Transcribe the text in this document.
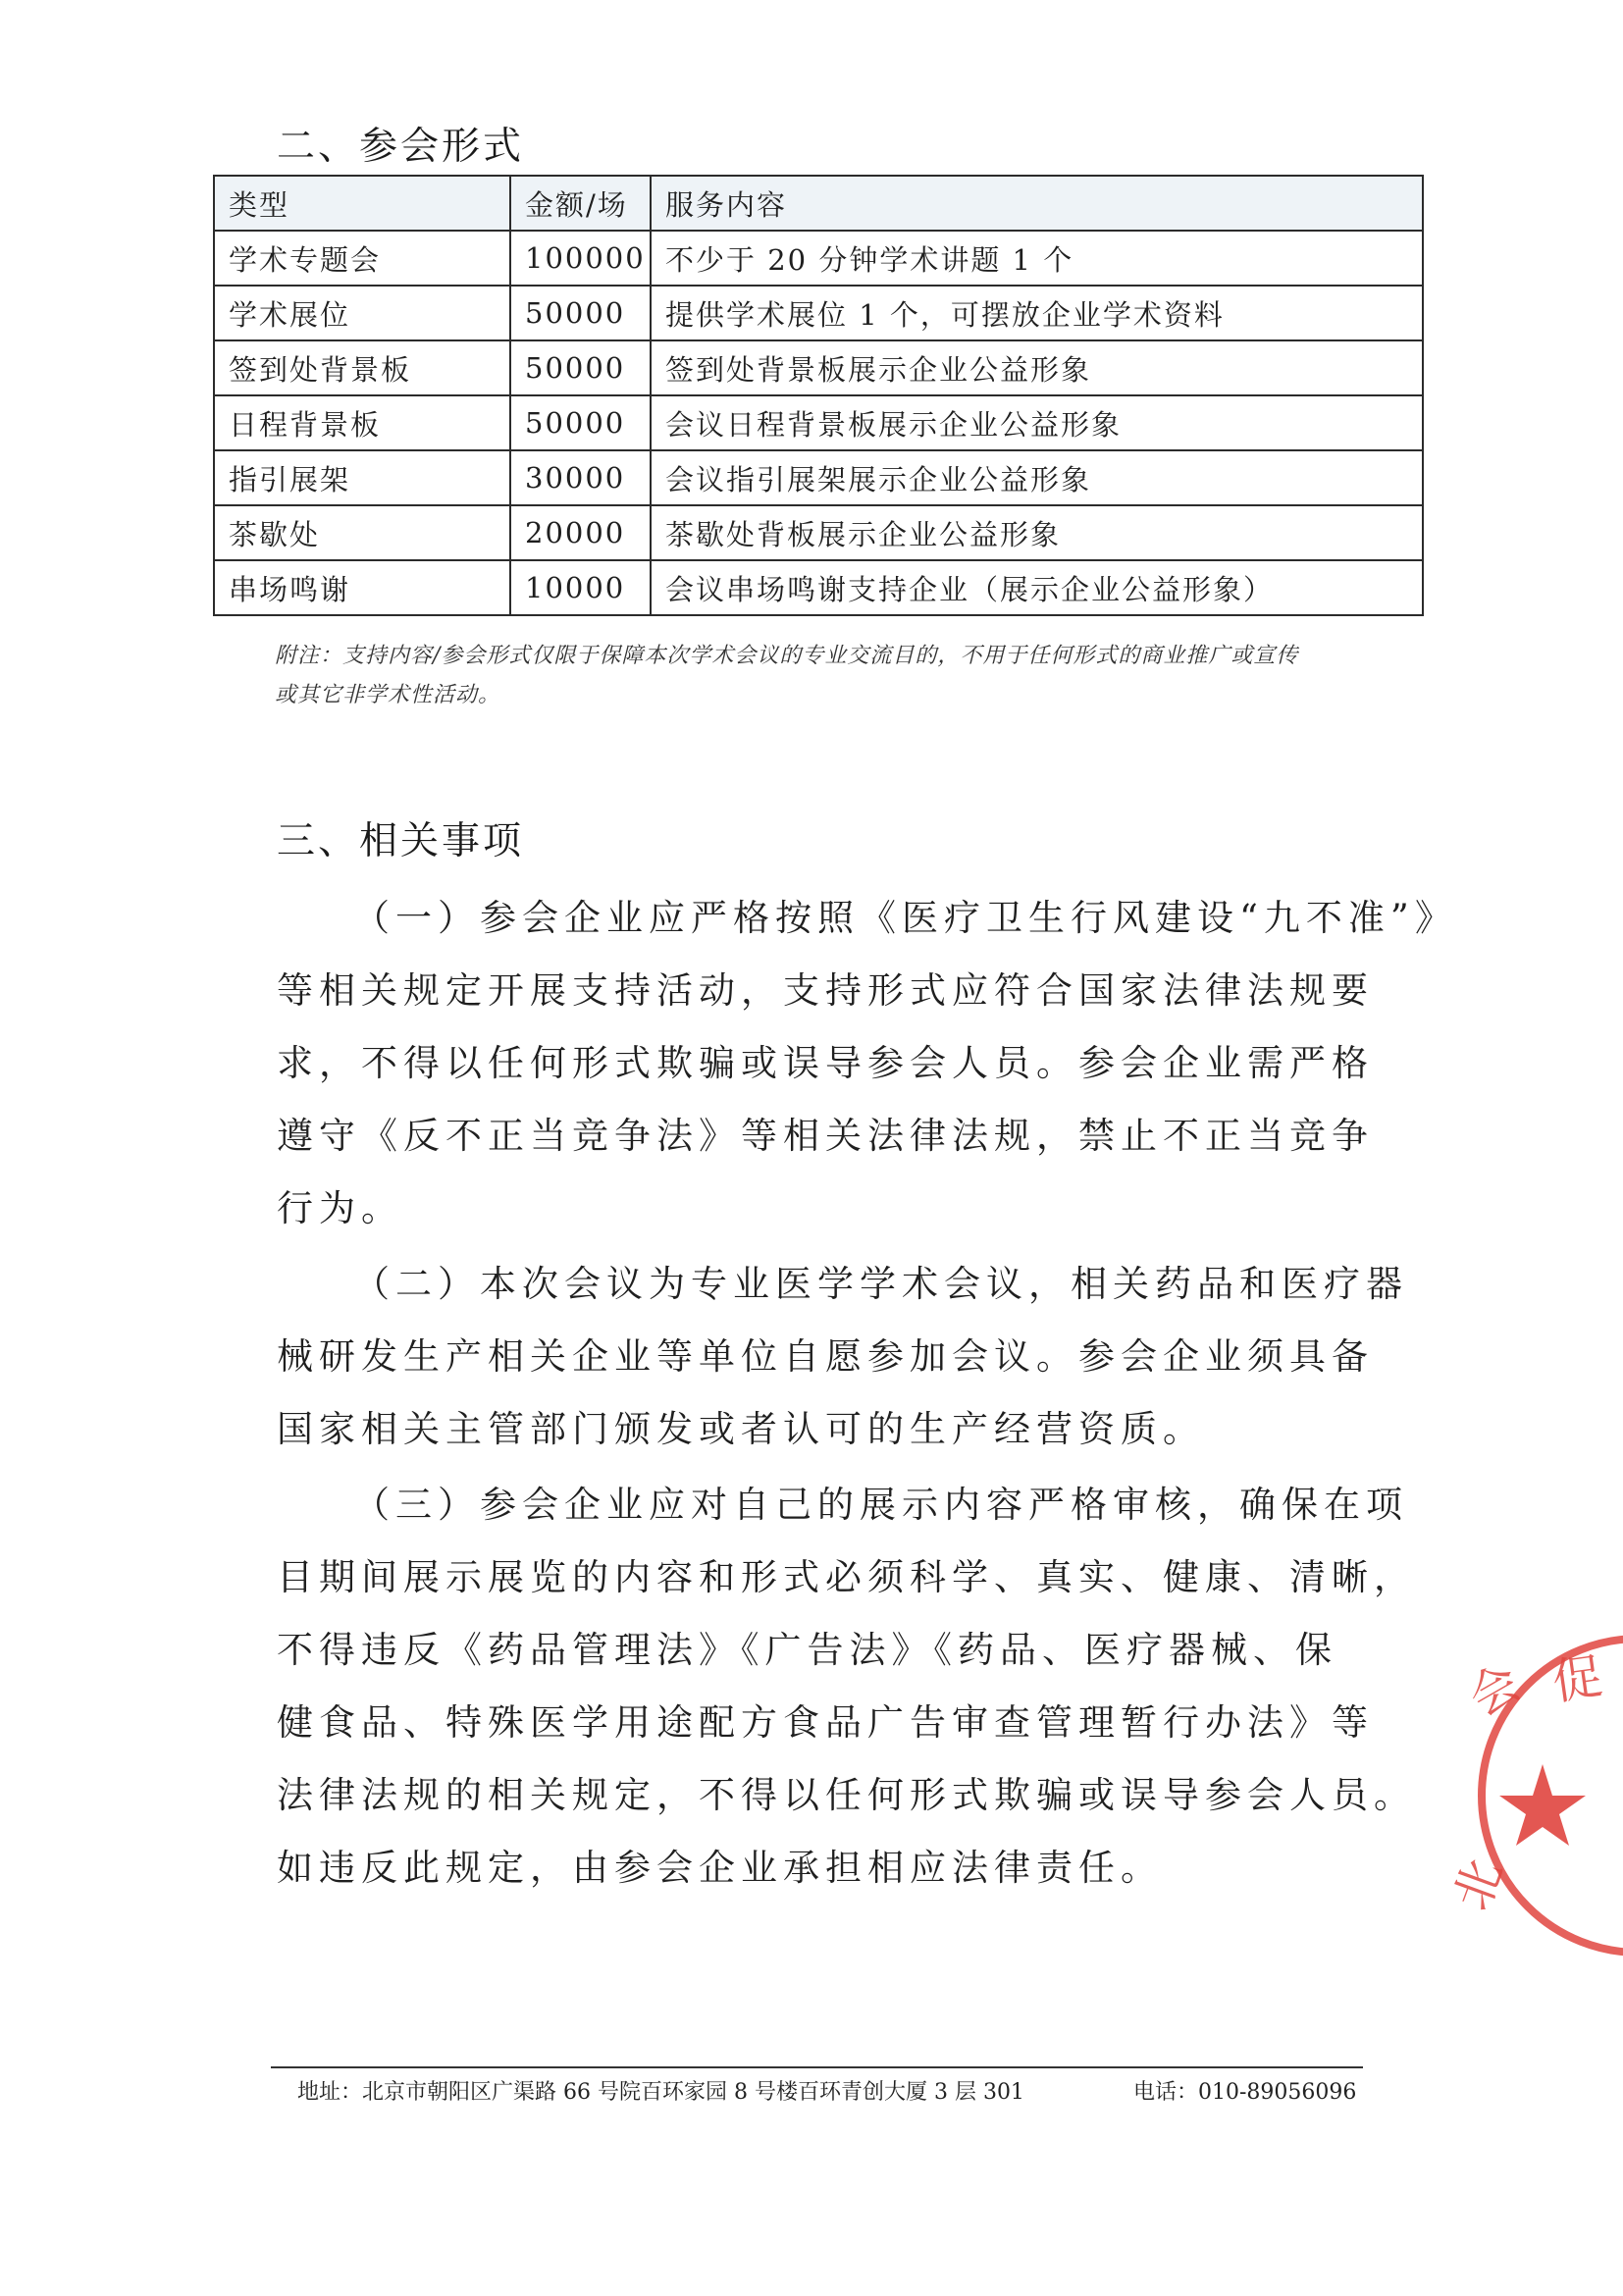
二、参会形式
类型	金额/场	服务内容
学术专题会	100000	不少于 20 分钟学术讲题 1 个
学术展位	50000	提供学术展位 1 个，可摆放企业学术资料
签到处背景板	50000	签到处背景板展示企业公益形象
日程背景板	50000	会议日程背景板展示企业公益形象
指引展架	30000	会议指引展架展示企业公益形象
茶歇处	20000	茶歇处背板展示企业公益形象
串场鸣谢	10000	会议串场鸣谢支持企业（展示企业公益形象）
附注：支持内容/参会形式仅限于保障本次学术会议的专业交流目的，不用于任何形式的商业推广或宣传
或其它非学术性活动。
三、相关事项
（一）参会企业应严格按照《医疗卫生行风建设“九不准”》
等相关规定开展支持活动，支持形式应符合国家法律法规要
求，不得以任何形式欺骗或误导参会人员。参会企业需严格
遵守《反不正当竞争法》等相关法律法规，禁止不正当竞争
行为。
（二）本次会议为专业医学学术会议，相关药品和医疗器
械研发生产相关企业等单位自愿参加会议。参会企业须具备
国家相关主管部门颁发或者认可的生产经营资质。
（三）参会企业应对自己的展示内容严格审核，确保在项
目期间展示展览的内容和形式必须科学、真实、健康、清晰，
不得违反《药品管理法》《广告法》《药品、医疗器械、保
健食品、特殊医学用途配方食品广告审查管理暂行办法》等
法律法规的相关规定，不得以任何形式欺骗或误导参会人员。
如违反此规定，由参会企业承担相应法律责任。
会 促
北
地址：北京市朝阳区广渠路 66 号院百环家园 8 号楼百环青创大厦 3 层 301	电话：010-89056096
